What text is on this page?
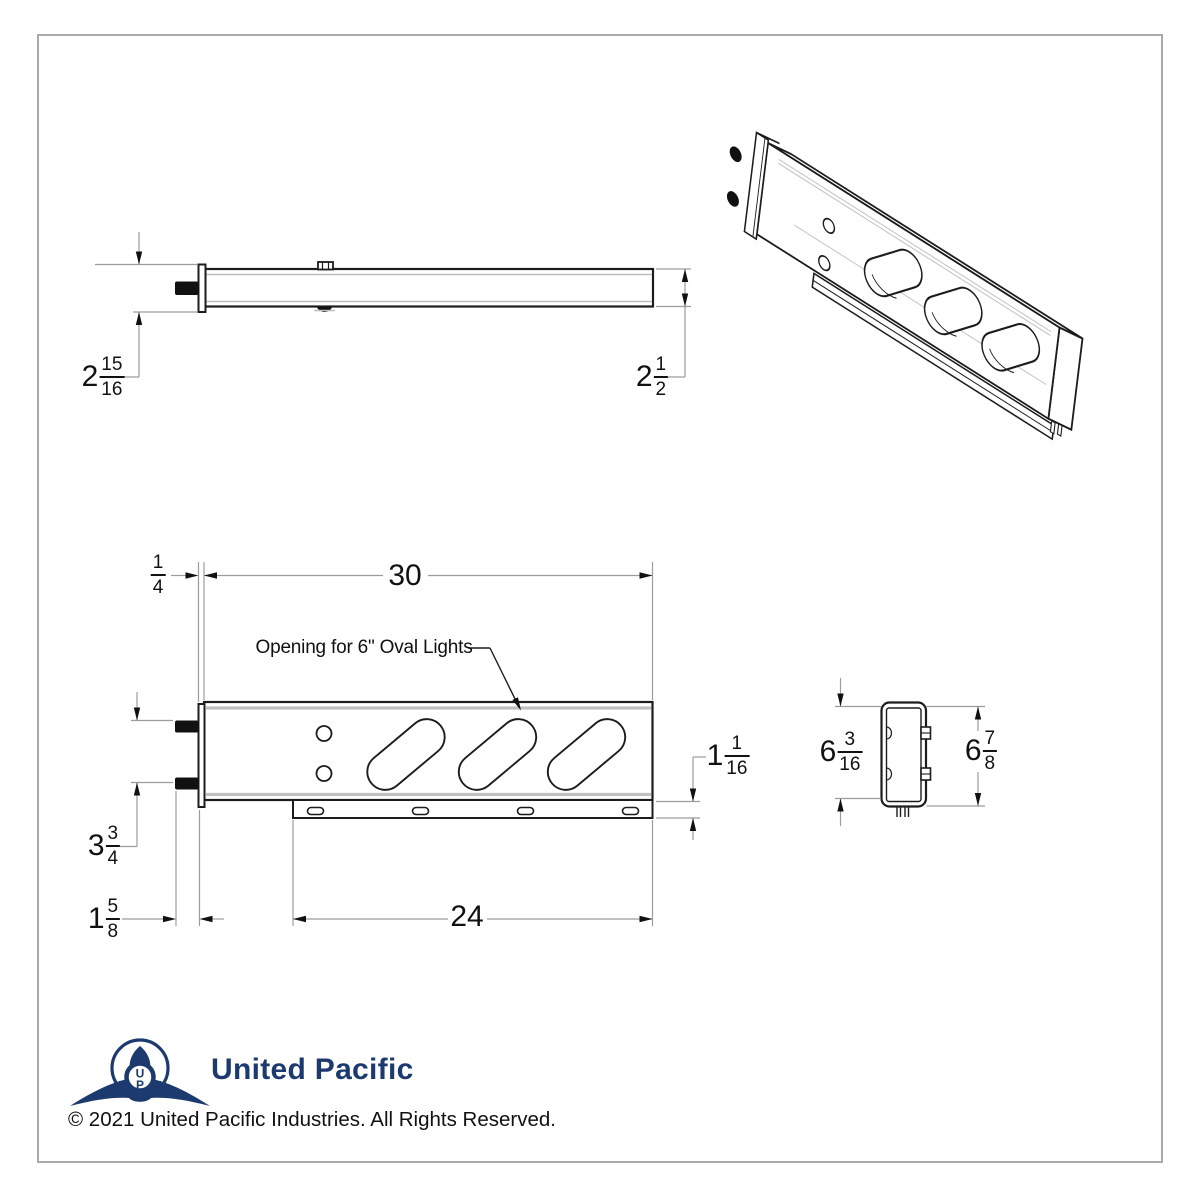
U
P
$2 \frac{15}{16}$	$2 \frac{1}{2}$
$\frac{1}{4}$	30
Opening for 6" Oval Lights
$3 \frac{3}{4}$
$1 \frac{5}{8}$	24
$1 \frac{1}{16} 6 \frac{3}{16}$	$6 \frac{7}{8}$
United Pacific
© 2021 United Pacific Industries. All Rights Reserved.
